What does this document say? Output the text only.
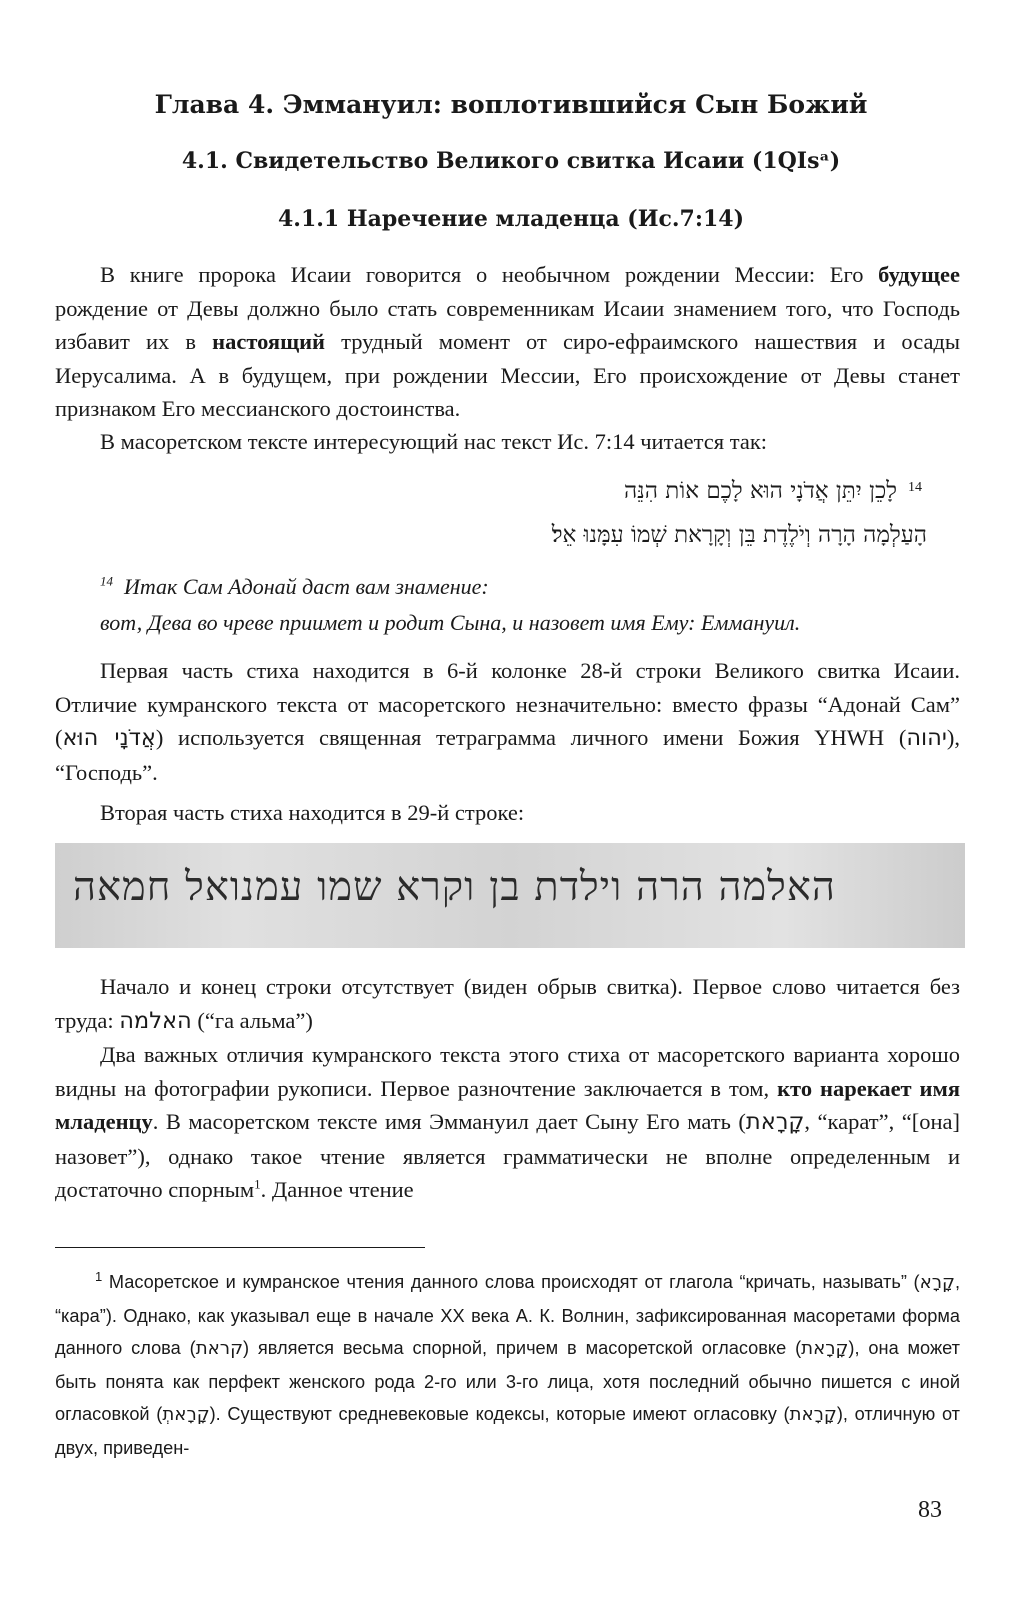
Глава 4. Эммануил: воплотившийся Сын Божий
4.1. Свидетельство Великого свитка Исаии (1QIsᵃ)
4.1.1 Наречение младенца (Ис.7:14)

В книге пророка Исаии говорится о необычном рождении Мессии: Его будущее рождение от Девы должно было стать современникам Исаии знамением того, что Господь избавит их в настоящий трудный момент от сиро-ефраимского нашествия и осады Иерусалима. А в будущем, при рождении Мессии, Его происхождение от Девы станет признаком Его мессианского достоинства.

В масоретском тексте интересующий нас текст Ис. 7:14 читается так:

14
לָכֵן יִתֵּן אֲדֹנָי הוּא לָכֶם אוֹת הִנֵּה
הָעַלְמָה הָרָה וְיֹלֶדֶת בֵּן וְקָרָאת שְׁמוֹ עִמָּנוּ אֵל׃
$^{14}$ Итак Сам Адонай даст вам знамение:
вот, Дева во чреве приимет и родит Сына, и назовет имя Ему: Еммануил.

Первая часть стиха находится в 6-й колонке 28-й строки Великого свитка Исаии. Отличие кумранского текста от масоретского незначительно: вместо фразы “Адонай Сам” (אֲדֹנָי הוּא) используется священная тетраграмма личного имени Божия YHWH (יהוה), “Господь”.

Вторая часть стиха находится в 29-й строке:

האלמה הרה וילדת בן וקרא שמו עמנואל חמאה

Начало и конец строки отсутствует (виден обрыв свитка). Первое слово читается без труда: האלמה (“га альма”)

Два важных отличия кумранского текста этого стиха от масоретского варианта хорошо видны на фотографии рукописи. Первое разночтение заключается в том, кто нарекает имя младенцу. В масоретском тексте имя Эммануил дает Сыну Его мать (קָרָאת, “карат”, “[она] назовет”), однако такое чтение является грамматически не вполне определенным и достаточно спорным$^1$. Данное чтение

$^1$ Масоретское и кумранское чтения данного слова происходят от глагола “кричать, называть” (קָרָא, “кара”). Однако, как указывал еще в начале XX века А. К. Волнин, зафиксированная масоретами форма данного слова (קראת) является весьма спорной, причем в масоретской огласовке (קָרָאת), она может быть понята как перфект женского рода 2-го или 3-го лица, хотя последний обычно пишется с иной огласовкой (קָרָאתְ). Существуют средневековые кодексы, которые имеют огласовку (קָרָאת), отличную от двух, приведен-

83
